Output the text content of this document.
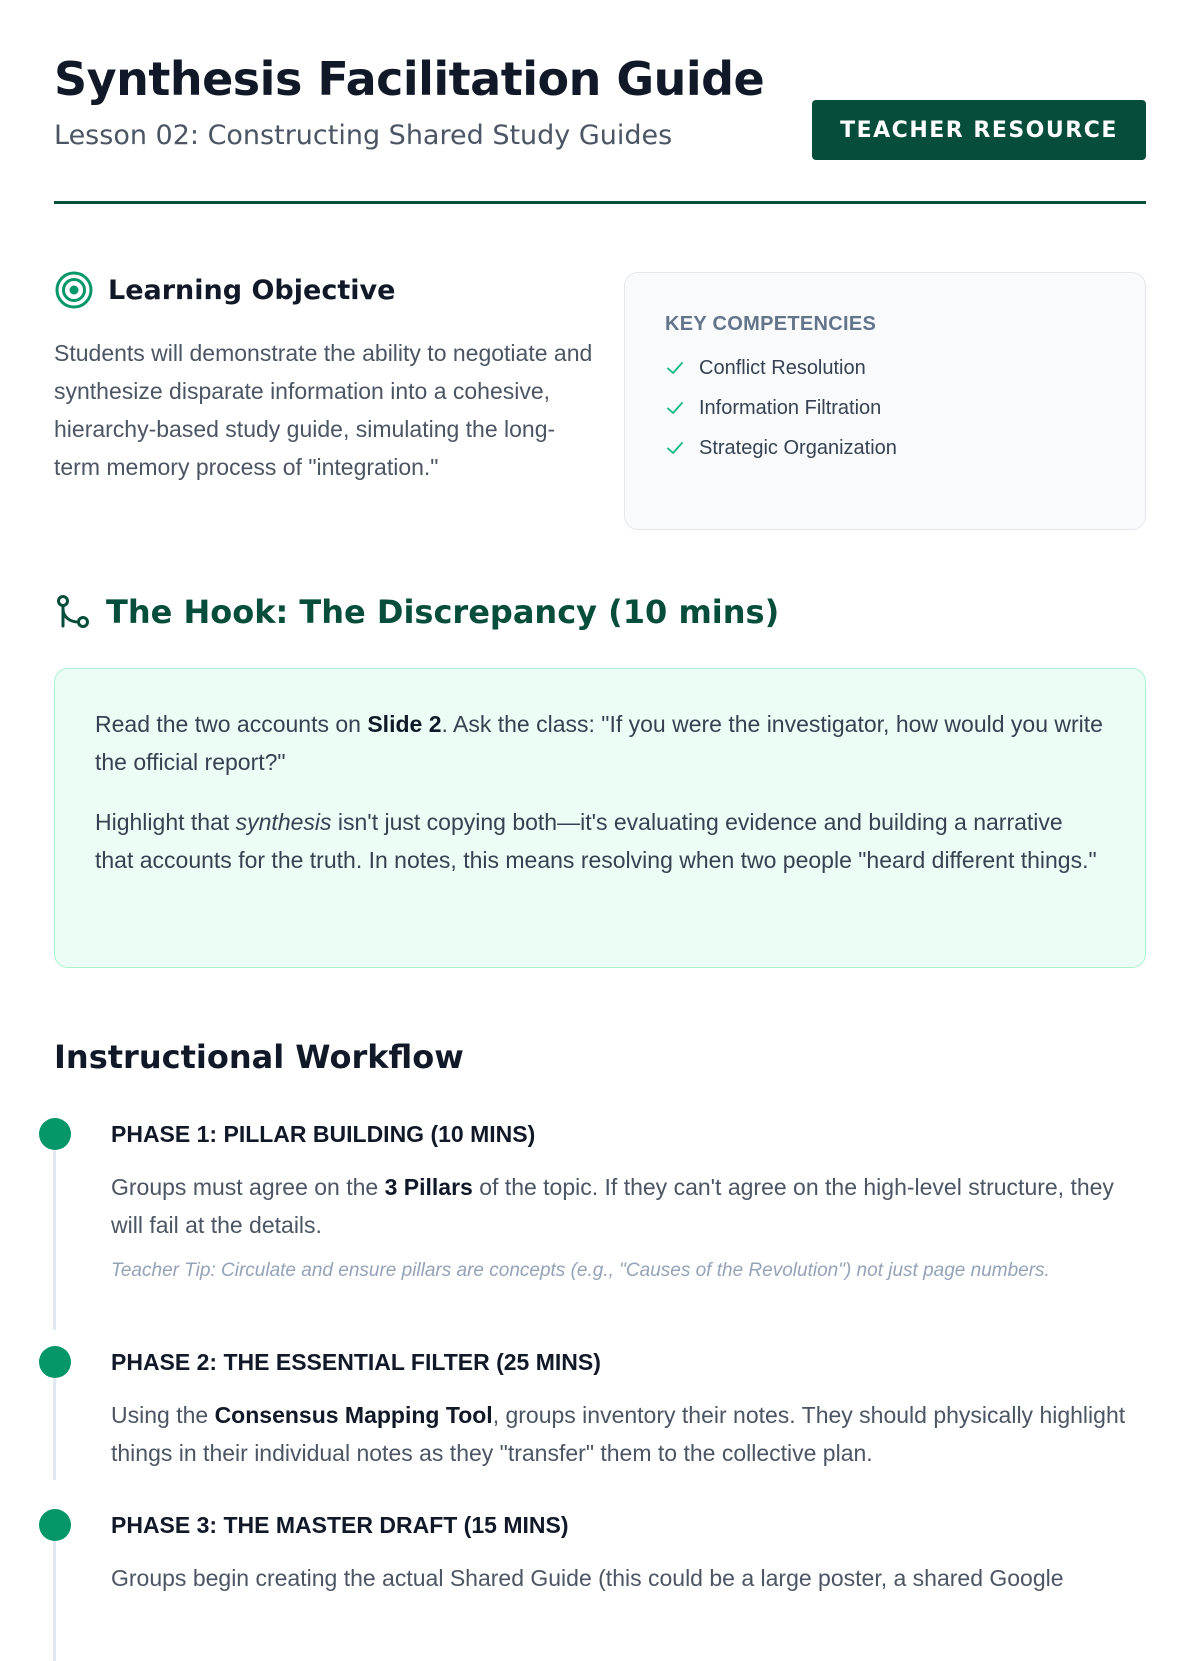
Synthesis Facilitation Guide

Lesson 02: Constructing Shared Study Guides	TEACHER RESOURCE
Learning Objective

Students will demonstrate the ability to negotiate and synthesize disparate information into a cohesive, hierarchy-based study guide, simulating the long-term memory process of "integration."

KEY COMPETENCIES

Conflict Resolution
Information Filtration
Strategic Organization
The Hook: The Discrepancy (10 mins)

Read the two accounts on Slide 2. Ask the class: "If you were the investigator, how would you write the official report?"

Highlight that synthesis isn't just copying both—it's evaluating evidence and building a narrative that accounts for the truth. In notes, this means resolving when two people "heard different things."

Instructional Workflow

PHASE 1: PILLAR BUILDING (10 MINS)

Groups must agree on the 3 Pillars of the topic. If they can't agree on the high-level structure, they will fail at the details.

Teacher Tip: Circulate and ensure pillars are concepts (e.g., "Causes of the Revolution") not just page numbers.

PHASE 2: THE ESSENTIAL FILTER (25 MINS)

Using the Consensus Mapping Tool, groups inventory their notes. They should physically highlight things in their individual notes as they "transfer" them to the collective plan.

PHASE 3: THE MASTER DRAFT (15 MINS)

Groups begin creating the actual Shared Guide (this could be a large poster, a shared Google
